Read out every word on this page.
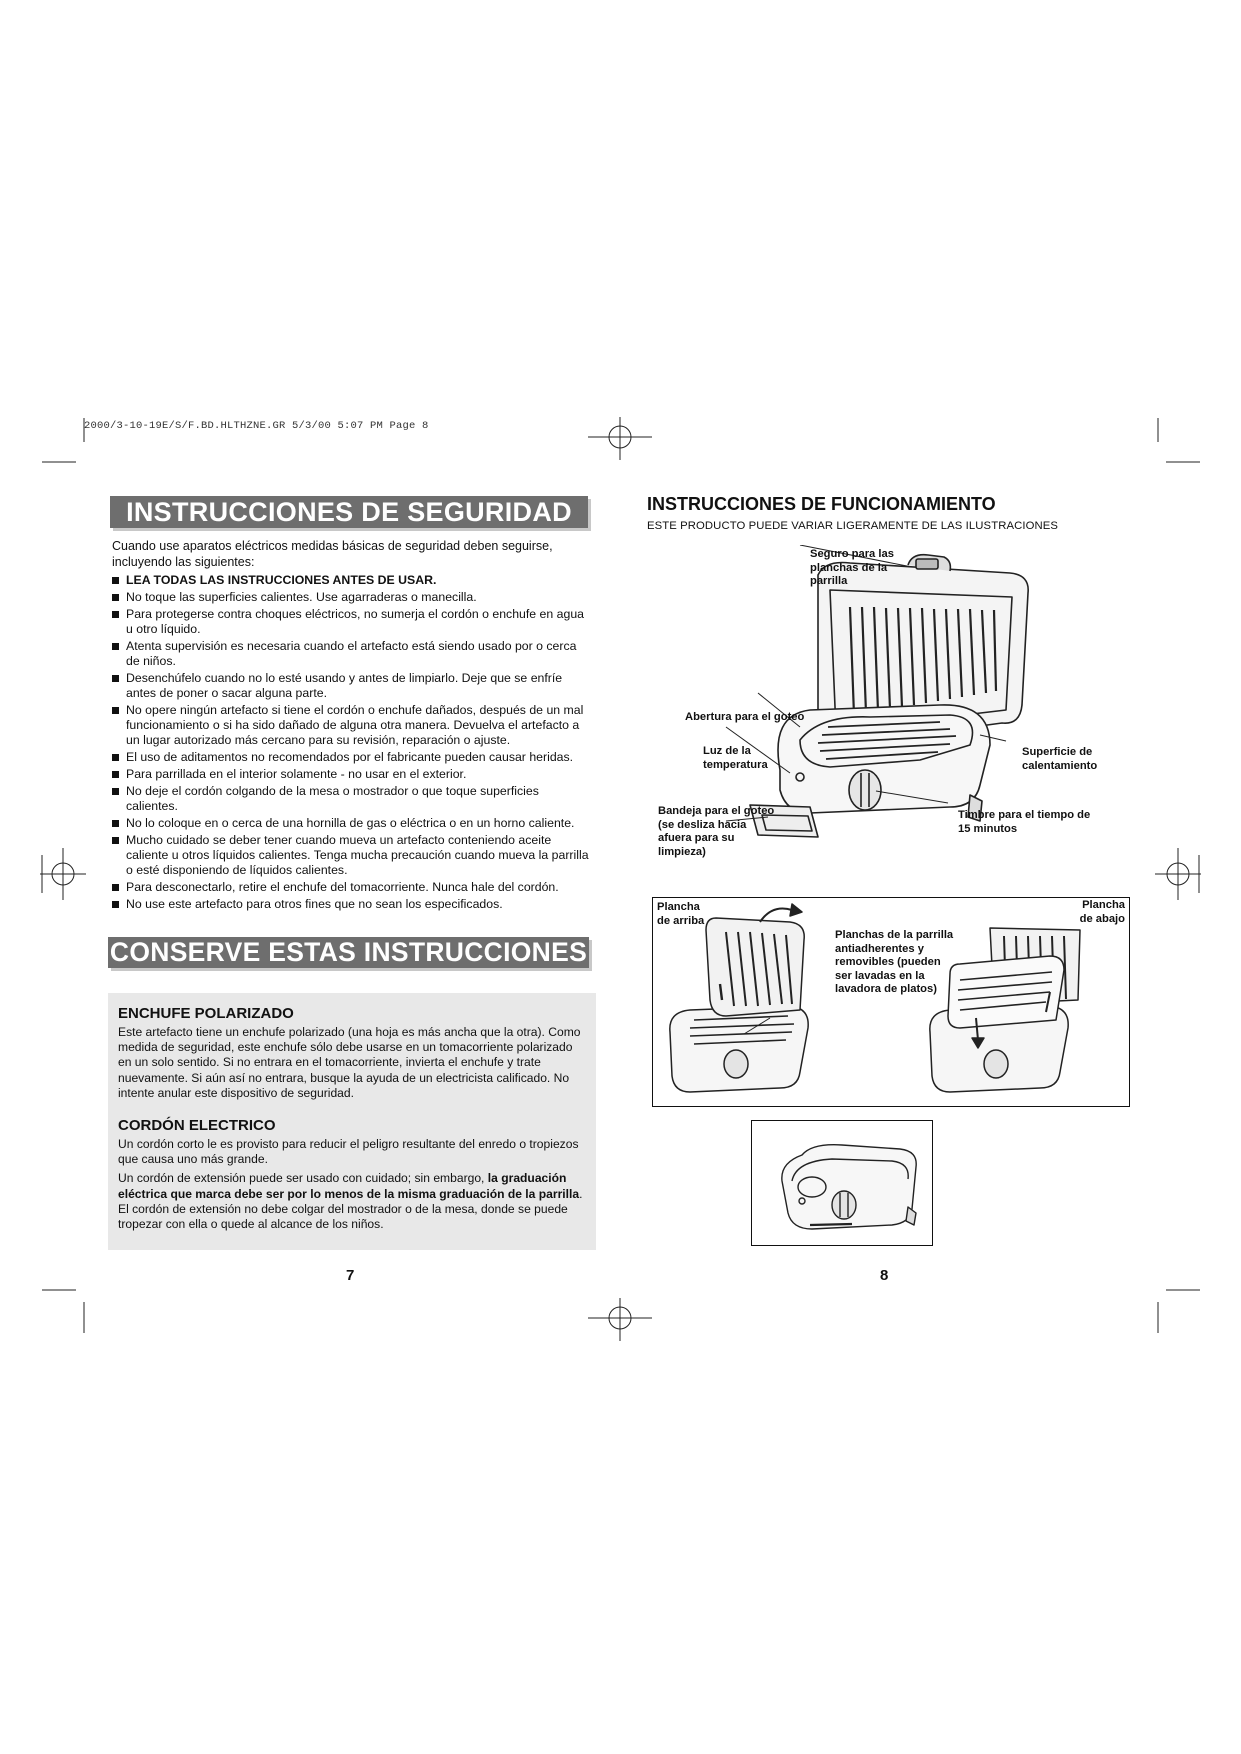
2000/3-10-19E/S/F.BD.HLTHZNE.GR 5/3/00 5:07 PM Page 8
INSTRUCCIONES DE SEGURIDAD
Cuando use aparatos eléctricos medidas básicas de seguridad deben seguirse, incluyendo las siguientes:
LEA TODAS LAS INSTRUCCIONES ANTES DE USAR.
No toque las superficies calientes. Use agarraderas o manecilla.
Para protegerse contra choques eléctricos, no sumerja el cordón o enchufe en agua u otro líquido.
Atenta supervisión es necesaria cuando el artefacto está siendo usado por o cerca de niños.
Desenchúfelo cuando no lo esté usando y antes de limpiarlo. Deje que se enfríe antes de poner o sacar alguna parte.
No opere ningún artefacto si tiene el cordón o enchufe dañados, después de un mal funcionamiento o si ha sido dañado de alguna otra manera. Devuelva el artefacto a un lugar autorizado más cercano para su revisión, reparación o ajuste.
El uso de aditamentos no recomendados por el fabricante pueden causar heridas.
Para parrillada en el interior solamente - no usar en el exterior.
No deje el cordón colgando de la mesa o mostrador o que toque superficies calientes.
No lo coloque en o cerca de una hornilla de gas o eléctrica o en un horno caliente.
Mucho cuidado se deber tener cuando mueva un artefacto conteniendo aceite caliente u otros líquidos calientes. Tenga mucha precaución cuando mueva la parrilla o esté disponiendo de líquidos calientes.
Para desconectarlo, retire el enchufe del tomacorriente. Nunca hale del cordón.
No use este artefacto para otros fines que no sean los especificados.
CONSERVE ESTAS INSTRUCCIONES
ENCHUFE POLARIZADO

Este artefacto tiene un enchufe polarizado (una hoja es más ancha que la otra). Como medida de seguridad, este enchufe sólo debe usarse en un tomacorriente polarizado en un solo sentido. Si no entrara en el tomacorriente, invierta el enchufe y trate nuevamente. Si aún así no entrara, busque la ayuda de un electricista calificado. No intente anular este dispositivo de seguridad.

CORDÓN ELECTRICO

Un cordón corto le es provisto para reducir el peligro resultante del enredo o tropiezos que causa uno más grande.

Un cordón de extensión puede ser usado con cuidado; sin embargo, la graduación eléctrica que marca debe ser por lo menos de la misma graduación de la parrilla. El cordón de extensión no debe colgar del mostrador o de la mesa, donde se puede tropezar con ella o quede al alcance de los niños.

7
INSTRUCCIONES DE FUNCIONAMIENTO
ESTE PRODUCTO PUEDE VARIAR LIGERAMENTE DE LAS ILUSTRACIONES
Seguro para las planchas de la parrilla
Abertura para el goteo
Luz de la temperatura
Superficie de calentamiento
Bandeja para el goteo (se desliza hacia afuera para su limpieza)
Timbre para el tiempo de 15 minutos
Plancha de arriba
Plancha de abajo
Planchas de la parrilla antiadherentes y removibles (pueden ser lavadas en la lavadora de platos)
8
